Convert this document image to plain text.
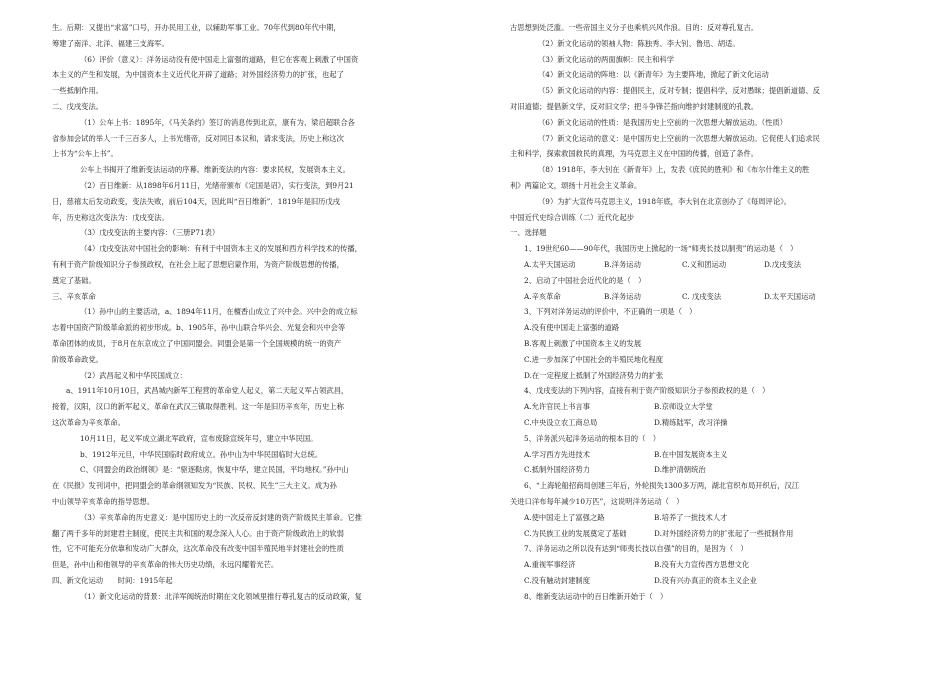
生。后期：又提出“求富”口号，开办民用工业，以辅助军事工业。70年代到80年代中期，
筹建了南洋、北洋、福建三支海军。
（6）评价（意义）：洋务运动没有使中国走上富强的道路，但它在客观上刺激了中国资
本主义的产生和发展，为中国资本主义近代化开辟了道路；对外国经济势力的扩张，也起了
一些抵制作用。
二、戊戌变法。
（1）公车上书：1895年，《马关条约》签订的消息传到北京，康有为、梁启超联合各
省参加会试的举人一千三百多人，上书光绪帝，反对同日本议和，请求变法，历史上称这次
上书为“公车上书”。
公车上书揭开了维新变法运动的序幕。维新变法的内容：要求民权，发展资本主义。
（2）百日维新：从1898年6月11日，光绪帝颁布《定国是诏》，实行变法，到9月21
日，慈禧太后发动政变，变法失败，前后104天，因此叫“百日维新”．1819年是旧历戊戌
年，历史称这次变法为：戊戌变法。
（3）戊戌变法的主要内容：（三册P71表）
（4）戊戌变法对中国社会的影响：有利于中国资本主义的发展和西方科学技术的传播，
有利于资产阶级知识分子参预政权，在社会上起了思想启蒙作用，为资产阶级思想的传播，
奠定了基础。
三、辛亥革命
（1）孙中山的主要活动，a、1894年11月，在檀香山成立了兴中会。兴中会的成立标
志着中国资产阶级革命派的初步形成。b、1905年，孙中山联合华兴会、光复会和兴中会等
革命团体的成员，于8月在东京成立了中国同盟会。同盟会是第一个全国规模的统一的资产
阶级革命政党。
（2）武昌起义和中华民国成立：
a、1911年10月10日，武昌城内新军工程营的革命党人起义，第二天起义军占领武昌，
接着，汉阳，汉口的新军起义，革命在武汉三镇取得胜利。这一年是旧历辛亥年，历史上称
这次革命为辛亥革命。
10月11日，起义军成立湖北军政府，宣布废除宣统年号，建立中华民国。
b、1912年元旦，中华民国临时政府成立。孙中山为中华民国临时大总统。
C、《同盟会的政治纲领》是：“驱逐鞑虏，恢复中华，建立民国，平均地权。”孙中山
在《民报》发刊词中，把同盟会的革命纲领知发为“民族、民权、民生”三大主义。成为孙
中山领导辛亥革命的指导思想。
（3）辛亥革命的历史意义：是中国历史上的一次反帝反封建的资产阶级民主革命。它推
翻了两千多年的封建君主制度，使民主共和国的观念深入人心。由于资产阶级政治上的软弱
性，它不可能充分依靠和发动广大群众，这次革命没有改变中国半殖民地半封建社会的性质
但是，孙中山和他领导的辛亥革命的伟大历史功绩，永远闪耀着光芒。
四、新文化运动　　时间：1915年起
（1）新文化运动的背景：北洋军阀统治时期在文化领域里推行尊孔复古的反动政策，复
古思想到处泛滥。一些帝国主义分子也乘机兴风作浪。目的：反对尊孔复古。
（2）新文化运动的领袖人物：陈独秀、李大钊、鲁迅、胡适。
（3）新文化运动的两面旗帜：民主和科学
（4）新文化运动的阵地：以《新青年》为主要阵地，掀起了新文化运动
（5）新文化运动的内容：提倡民主，反对专制；提倡科学，反对愚昧；提倡新道德、反
对旧道德；提倡新文学，反对旧文学；把斗争锋芒指向维护封建制度的孔教。
（6）新文化运动的性质：是我国历史上空前的一次思想大解放运动。（性质）
（7）新文化运动的意义：是中国历史上空前的一次思想大解放运动。它促使人们追求民
主和科学，探索救国救民的真理，为马克思主义在中国的传播，创造了条件。
（8）1918年，李大钊在《新青年》上，发表《庶民的胜利》和《布尔什维主义的胜
利》两篇论文，颂扬十月社会主义革命。
（9）为扩大宣传马克思主义，1918年底，李大钊在北京创办了《每周评论》。
中国近代史综合训练（二）近代化起步
一、选择题
1、19世纪60——90年代，我国历史上掀起的一场“师夷长技以制夷”的运动是（　）
A.太平天国运动	B.洋务运动	C.义和团运动	D.戊戌变法
2、启动了中国社会近代化的是（　）
A.辛亥革命	B.洋务运动	C. 戊戌变法	D.太平天国运动
3、下列对洋务运动的评价中，不正确的一项是（　）
A.没有使中国走上富强的道路
B.客观上刺激了中国资本主义的发展
C.进一步加深了中国社会的半殖民地化程度
D.在一定程度上抵制了外国经济势力的扩张
4、戊戌变法的下列内容，直接有利于资产阶级知识分子参预政权的是（　）
A.允许官民上书言事	B.京师设立大学堂
C.中央设立农工商总局	D.精练陆军，改习洋操
5、洋务派兴起洋务运动的根本目的（　）
A.学习西方先进技术	B.在中国发展资本主义
C.抵制外国经济势力	D.维护清朝统治
6、“上海轮船招商局创建三年后，外轮损失1300多万两，湖北官织布局开织后，汉江
关进口洋布每年减少10万匹”，这说明洋务运动（　）
A.使中国走上了富强之路	B.培养了一批技术人才
C.为民族工业的发展奠定了基础	D.对外国经济势力的扩张起了一些抵制作用
7、洋务运动之所以没有达到“师夷长技以自强”的目的，是因为（　）
A.重视军事经济	B.没有大力宣传西方思想文化
C.没有触动封建制度	D.没有兴办真正的资本主义企业
8、维新变法运动中的百日维新开始于（　）
